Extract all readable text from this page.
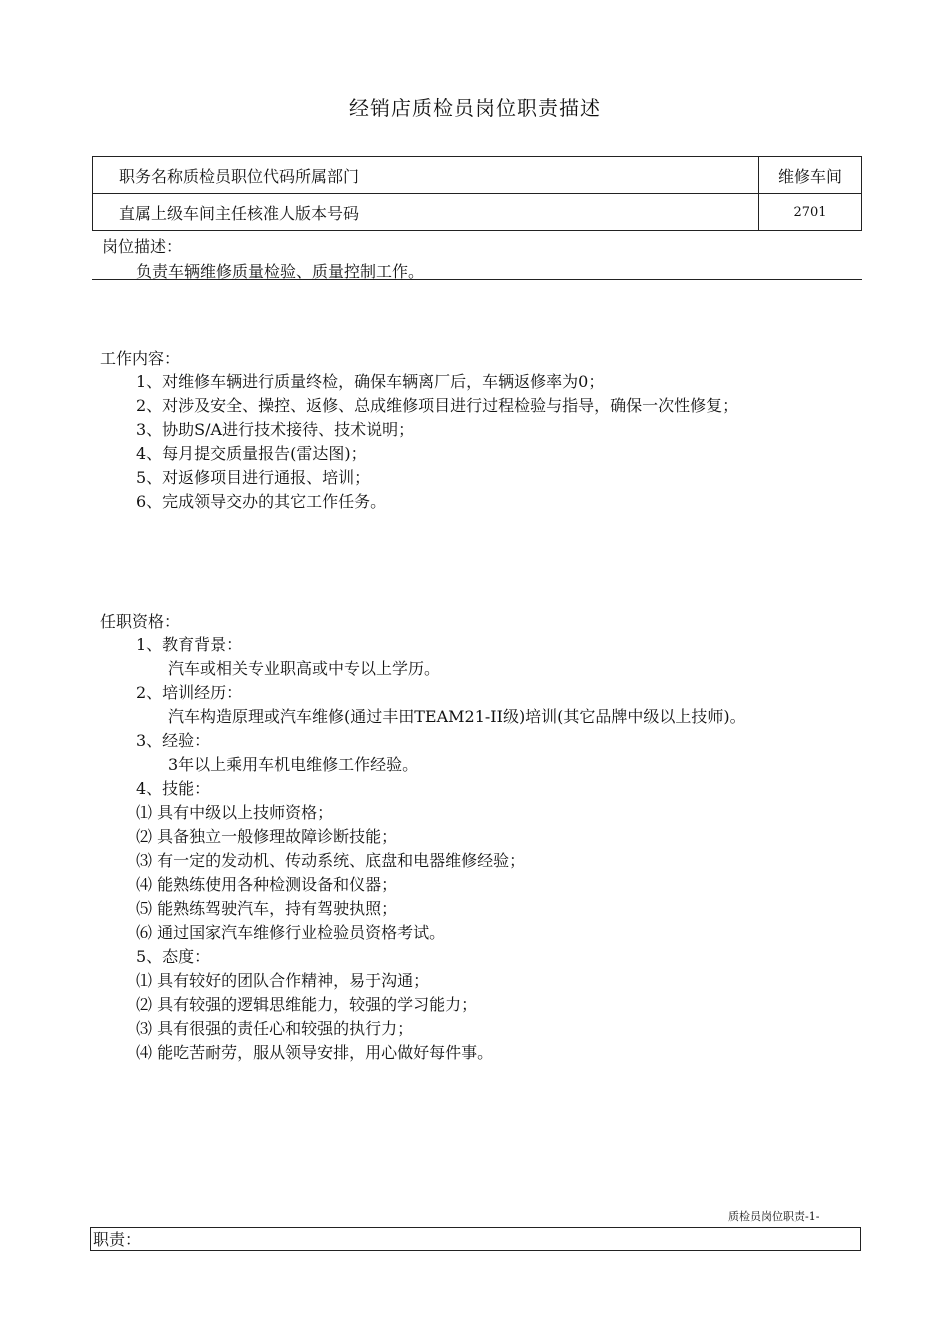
经销店质检员岗位职责描述
职务名称质检员职位代码所属部门	维修车间
直属上级车间主任核准人版本号码	2701
岗位描述：
负责车辆维修质量检验、质量控制工作。
工作内容：
1、对维修车辆进行质量终检，确保车辆离厂后，车辆返修率为0；
2、对涉及安全、操控、返修、总成维修项目进行过程检验与指导，确保一次性修复；
3、协助S/A进行技术接待、技术说明；
4、每月提交质量报告(雷达图)；
5、对返修项目进行通报、培训；
6、完成领导交办的其它工作任务。
任职资格：
1、教育背景：
汽车或相关专业职高或中专以上学历。
2、培训经历：
汽车构造原理或汽车维修(通过丰田TEAM21-II级)培训(其它品牌中级以上技师)。
3、经验：
3年以上乘用车机电维修工作经验。
4、技能：
⑴ 具有中级以上技师资格；
⑵ 具备独立一般修理故障诊断技能；
⑶ 有一定的发动机、传动系统、底盘和电器维修经验；
⑷ 能熟练使用各种检测设备和仪器；
⑸ 能熟练驾驶汽车，持有驾驶执照；
⑹ 通过国家汽车维修行业检验员资格考试。
5、态度：
⑴ 具有较好的团队合作精神，易于沟通；
⑵ 具有较强的逻辑思维能力，较强的学习能力；
⑶ 具有很强的责任心和较强的执行力；
⑷ 能吃苦耐劳，服从领导安排，用心做好每件事。
质检员岗位职责-1-
职责：
